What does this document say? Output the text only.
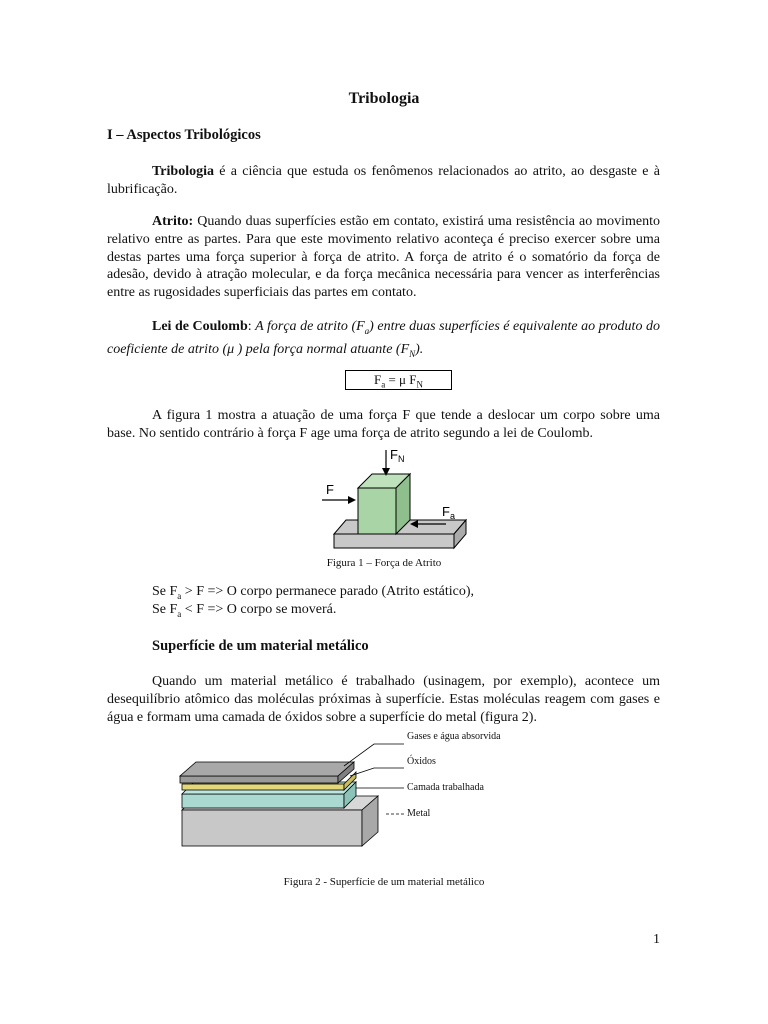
Tribologia
I – Aspectos Tribológicos

Tribologia é a ciência que estuda os fenômenos relacionados ao atrito, ao desgaste e à lubrificação.

Atrito: Quando duas superfícies estão em contato, existirá uma resistência ao movimento relativo entre as partes. Para que este movimento relativo aconteça é preciso exercer sobre uma destas partes uma força superior à força de atrito. A força de atrito é o somatório da força de adesão, devido à atração molecular, e da força mecânica necessária para vencer as interferências entre as rugosidades superficiais das partes em contato.

Lei de Coulomb: A força de atrito $(F_a)$ entre duas superfícies é equivalente ao produto do coeficiente de atrito (μ ) pela força normal atuante $(F_N)$.

$F_a = \mu$ $F_N$

A figura 1 mostra a atuação de uma força F que tende a deslocar um corpo sobre uma base. No sentido contrário à força F age uma força de atrito segundo a lei de Coulomb.

F
$F_N$
$F_a$
Figura 1 – Força de Atrito
Se $F_a > F => O$ corpo permanece parado (Atrito estático),
Se $F_a < F => O$ corpo se moverá.
Superfície de um material metálico

Quando um material metálico é trabalhado (usinagem, por exemplo), acontece um desequilíbrio atômico das moléculas próximas à superfície. Estas moléculas reagem com gases e água e formam uma camada de óxidos sobre a superfície do metal (figura 2).

Gases e água absorvida
Óxidos
Camada trabalhada
Metal
Figura 2 - Superfície de um material metálico
1
